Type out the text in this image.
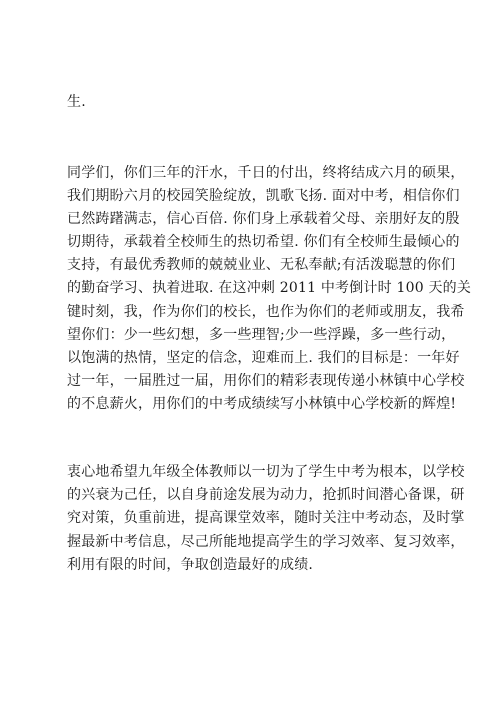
生.
同学们，你们三年的汗水，千日的付出，终将结成六月的硕果，
我们期盼六月的校园笑脸绽放，凯歌飞扬. 面对中考，相信你们
已然踌躇满志，信心百倍. 你们身上承载着父母、亲朋好友的殷
切期待，承载着全校师生的热切希望. 你们有全校师生最倾心的
支持，有最优秀教师的兢兢业业、无私奉献;有活泼聪慧的你们
的勤奋学习、执着进取. 在这冲刺 2011 中考倒计时 100 天的关
键时刻，我，作为你们的校长，也作为你们的老师或朋友，我希
望你们：少一些幻想，多一些理智;少一些浮躁，多一些行动，
以饱满的热情，坚定的信念，迎难而上. 我们的目标是：一年好
过一年，一届胜过一届，用你们的精彩表现传递小林镇中心学校
的不息薪火，用你们的中考成绩续写小林镇中心学校新的辉煌!
衷心地希望九年级全体教师以一切为了学生中考为根本，以学校
的兴衰为己任，以自身前途发展为动力，抢抓时间潜心备课，研
究对策，负重前进，提高课堂效率，随时关注中考动态，及时掌
握最新中考信息，尽己所能地提高学生的学习效率、复习效率，
利用有限的时间，争取创造最好的成绩.
